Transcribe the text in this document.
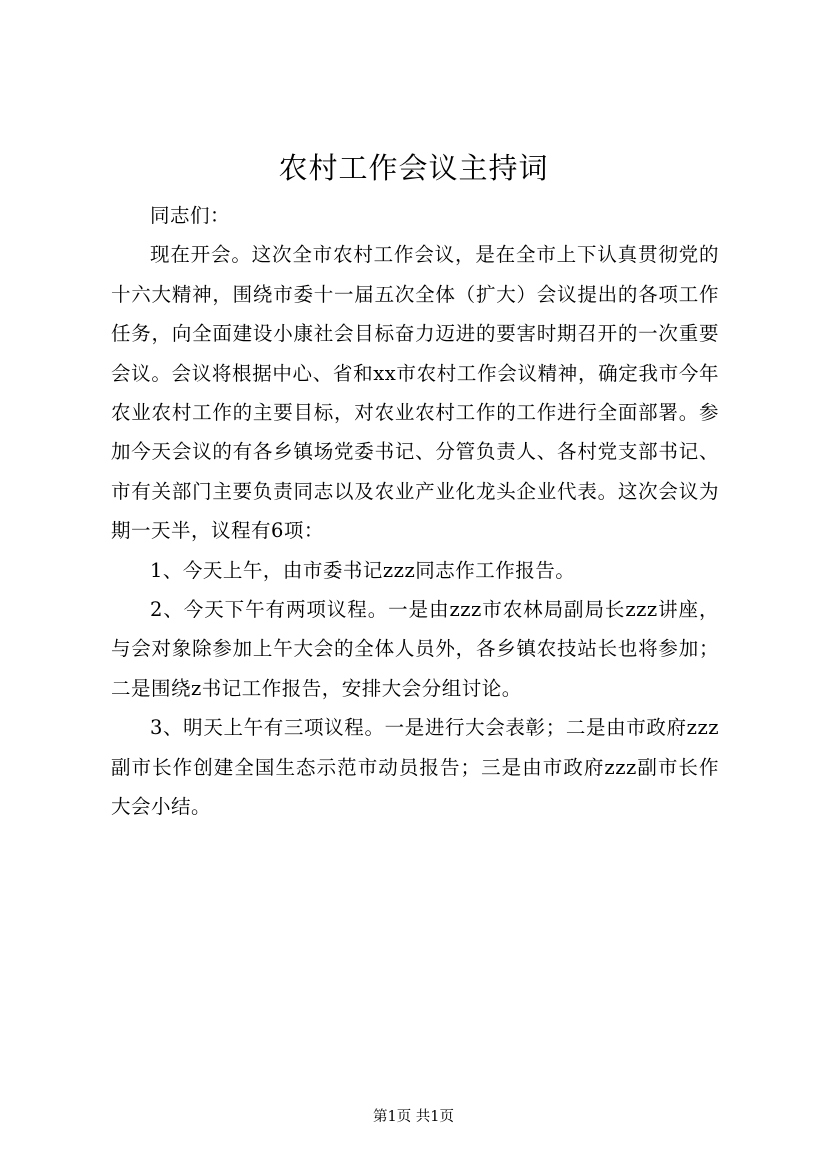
农村工作会议主持词

同志们：

现在开会。这次全市农村工作会议，是在全市上下认真贯彻党的十六大精神，围绕市委十一届五次全体（扩大）会议提出的各项工作任务，向全面建设小康社会目标奋力迈进的要害时期召开的一次重要会议。会议将根据中心、省和xx市农村工作会议精神，确定我市今年农业农村工作的主要目标，对农业农村工作的工作进行全面部署。参加今天会议的有各乡镇场党委书记、分管负责人、各村党支部书记、市有关部门主要负责同志以及农业产业化龙头企业代表。这次会议为期一天半，议程有6项：

1、今天上午，由市委书记zzz同志作工作报告。

2、今天下午有两项议程。一是由zzz市农林局副局长zzz讲座，与会对象除参加上午大会的全体人员外，各乡镇农技站长也将参加；二是围绕z书记工作报告，安排大会分组讨论。

3、明天上午有三项议程。一是进行大会表彰；二是由市政府zzz副市长作创建全国生态示范市动员报告；三是由市政府zzz副市长作大会小结。

第1页 共1页
